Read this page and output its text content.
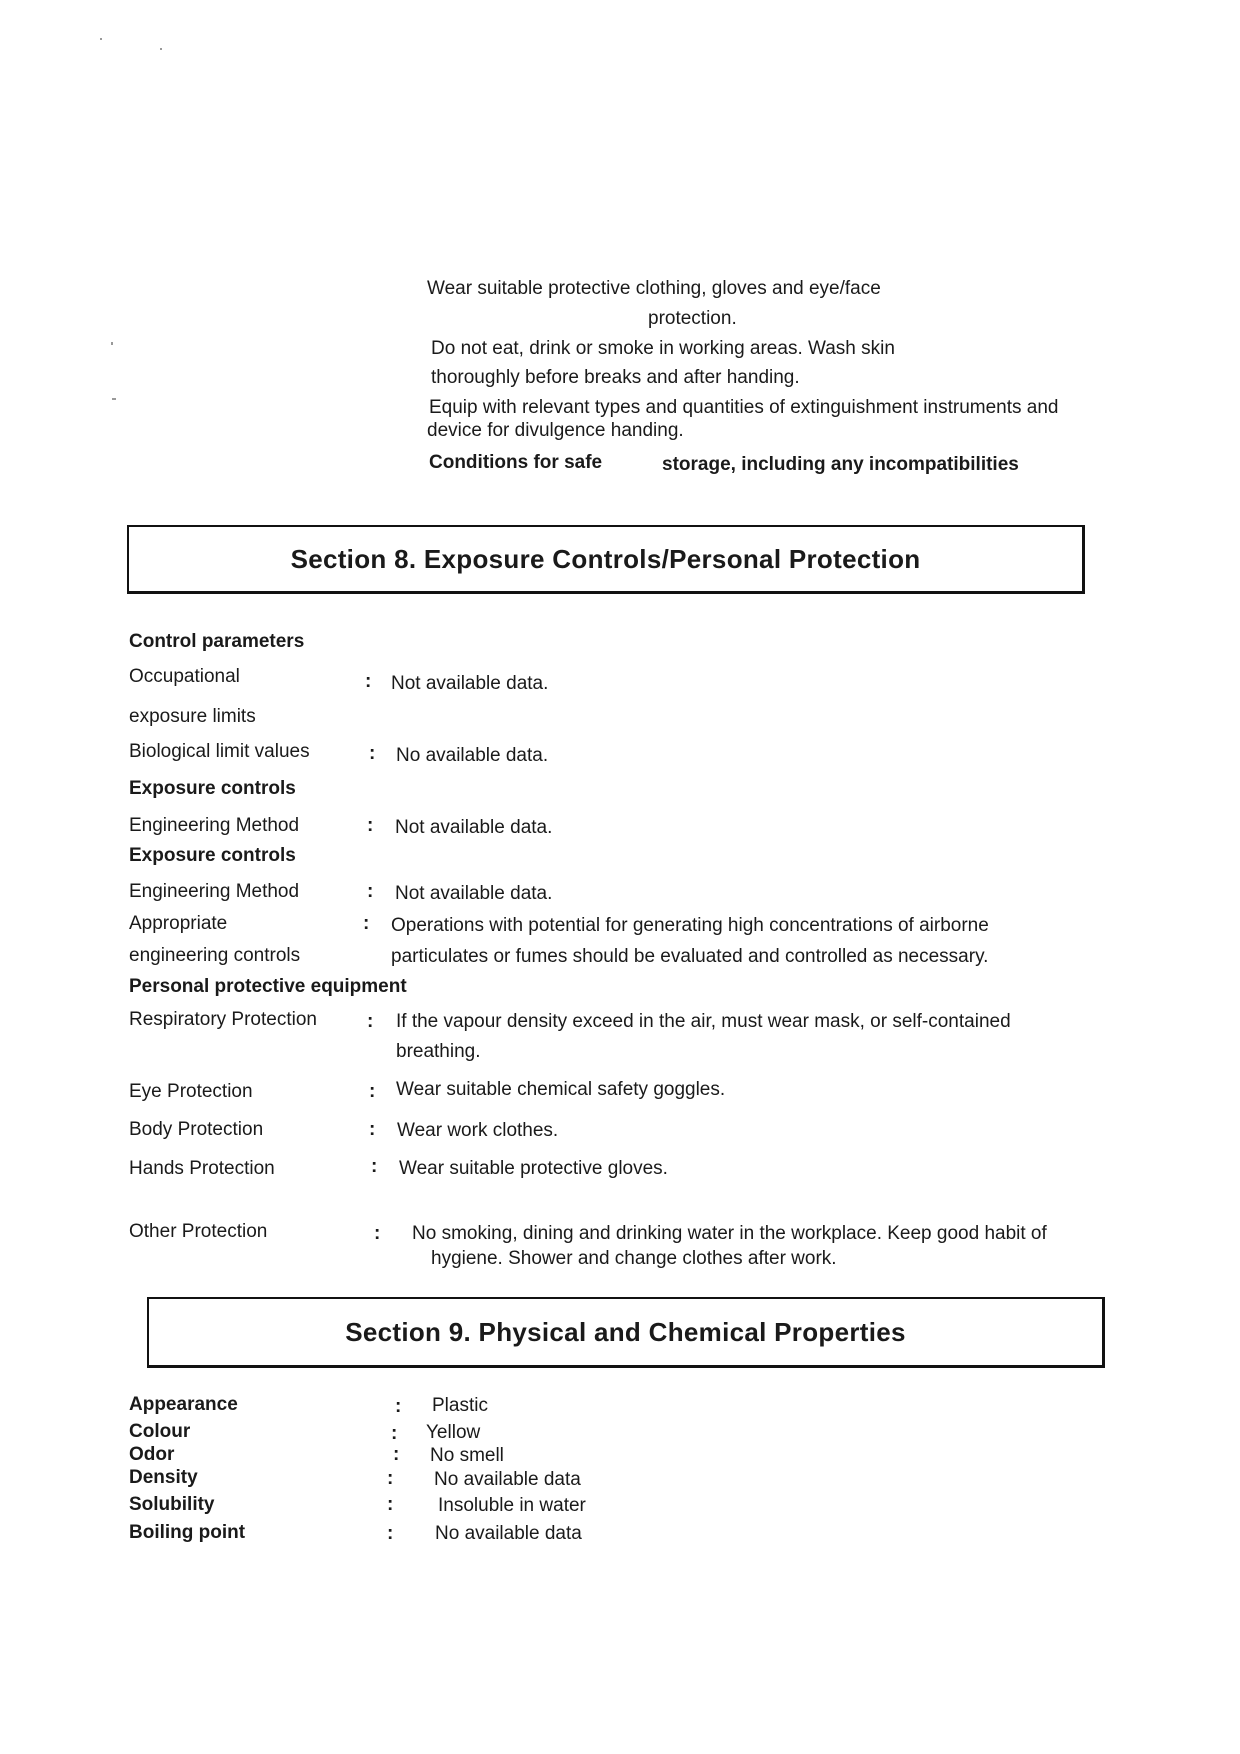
Wear suitable protective clothing, gloves and eye/face
protection.
Do not eat, drink or smoke in working areas. Wash skin
thoroughly before breaks and after handing.
Equip with relevant types and quantities of extinguishment instruments and
device for divulgence handing.
Conditions for safe	storage, including any incompatibilities
Section 8. Exposure Controls/Personal Protection
Control parameters
Occupational	: Not available data.
exposure limits
Biological limit values	: No available data.
Exposure controls
Engineering Method	: Not available data.
Exposure controls
Engineering Method	: Not available data.
Appropriate	: Operations with potential for generating high concentrations of airborne
engineering controls	particulates or fumes should be evaluated and controlled as necessary.
Personal protective equipment
Respiratory Protection	: If the vapour density exceed in the air, must wear mask, or self-contained
breathing.
Eye Protection	: Wear suitable chemical safety goggles.
Body Protection	: Wear work clothes.
Hands Protection	: Wear suitable protective gloves.
Other Protection	: No smoking, dining and drinking water in the workplace. Keep good habit of
hygiene. Shower and change clothes after work.
Section 9. Physical and Chemical Properties
Appearance	: Plastic
Colour	: Yellow
Odor	: No smell
Density	: No available data
Solubility	: Insoluble in water
Boiling point	: No available data
